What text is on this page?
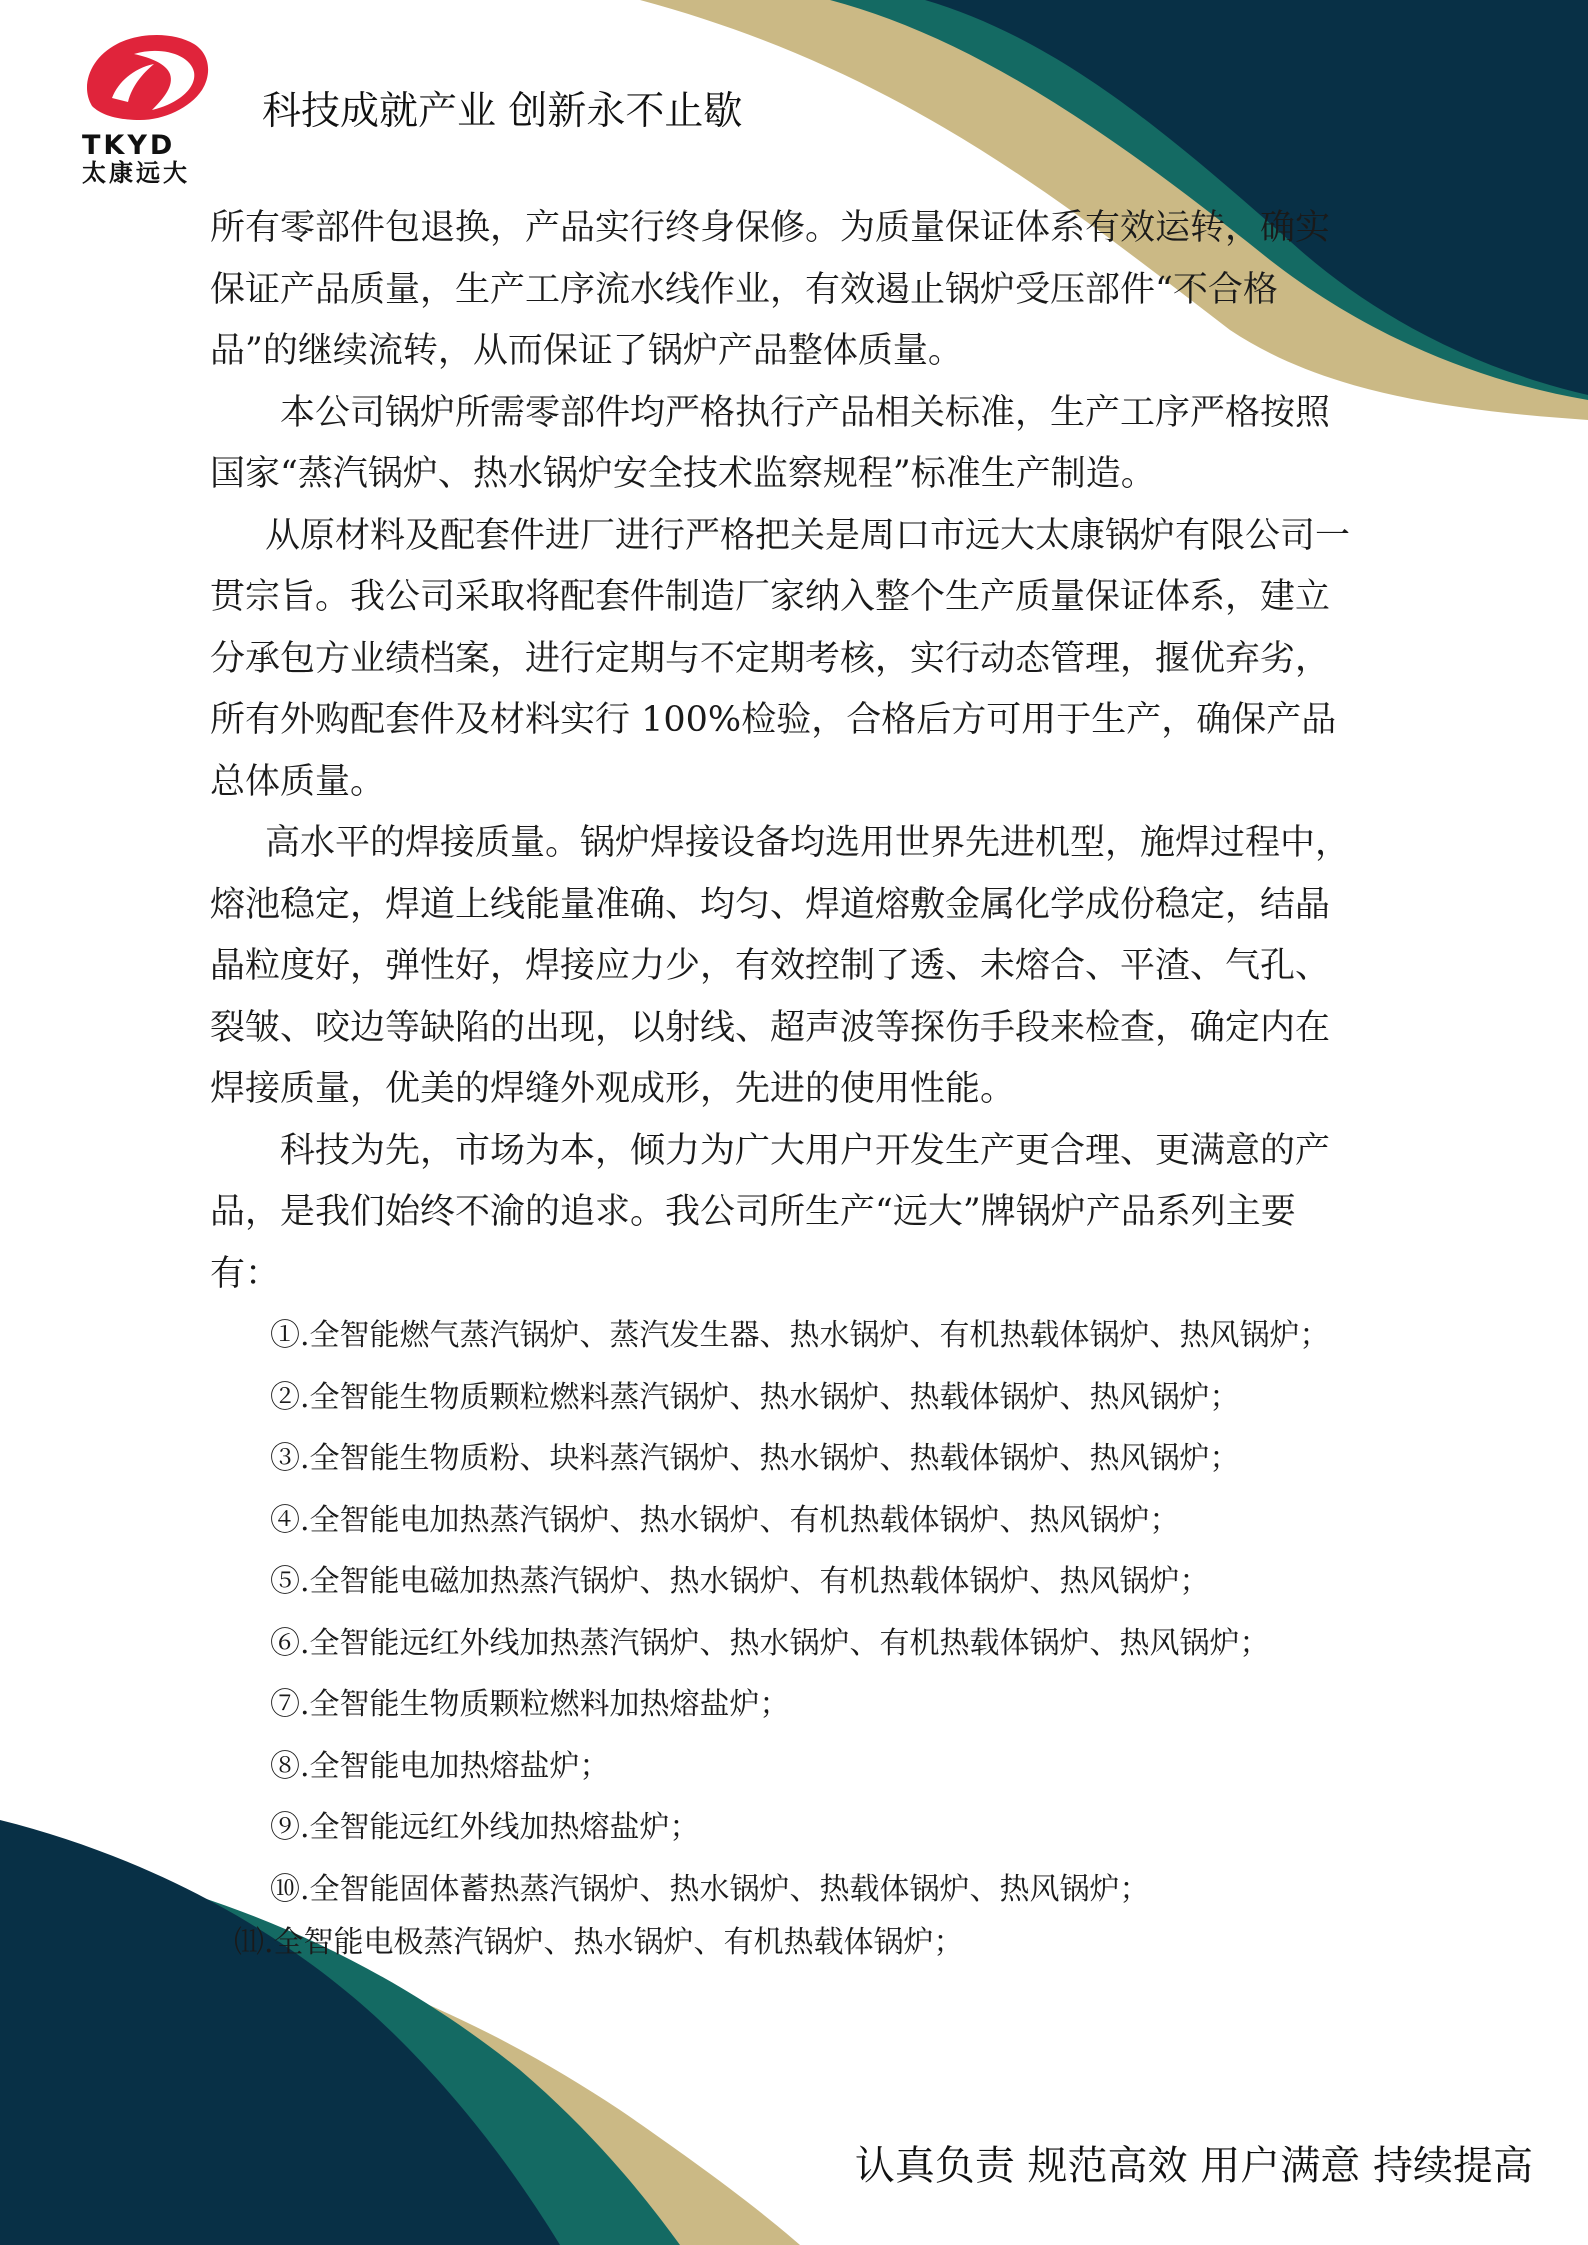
TKYD
太康远大
科技成就产业 创新永不止歇

所有零部件包退换，产品实行终身保修。为质量保证体系有效运转，确实保证产品质量，生产工序流水线作业，有效遏止锅炉受压部件“不合格品”的继续流转，从而保证了锅炉产品整体质量。

本公司锅炉所需零部件均严格执行产品相关标准，生产工序严格按照国家“蒸汽锅炉、热水锅炉安全技术监察规程”标准生产制造。

从原材料及配套件进厂进行严格把关是周口市远大太康锅炉有限公司一贯宗旨。我公司采取将配套件制造厂家纳入整个生产质量保证体系，建立分承包方业绩档案，进行定期与不定期考核，实行动态管理，揠优弃劣，所有外购配套件及材料实行 100%检验，合格后方可用于生产，确保产品总体质量。

高水平的焊接质量。锅炉焊接设备均选用世界先进机型，施焊过程中，熔池稳定，焊道上线能量准确、均匀、焊道熔敷金属化学成份稳定，结晶晶粒度好，弹性好，焊接应力少，有效控制了透、未熔合、平渣、气孔、裂皱、咬边等缺陷的出现，以射线、超声波等探伤手段来检查，确定内在焊接质量，优美的焊缝外观成形，先进的使用性能。

科技为先，市场为本，倾力为广大用户开发生产更合理、更满意的产品，是我们始终不渝的追求。我公司所生产“远大”牌锅炉产品系列主要有：

①.全智能燃气蒸汽锅炉、蒸汽发生器、热水锅炉、有机热载体锅炉、热风锅炉；
②.全智能生物质颗粒燃料蒸汽锅炉、热水锅炉、热载体锅炉、热风锅炉；
③.全智能生物质粉、块料蒸汽锅炉、热水锅炉、热载体锅炉、热风锅炉；
④.全智能电加热蒸汽锅炉、热水锅炉、有机热载体锅炉、热风锅炉；
⑤.全智能电磁加热蒸汽锅炉、热水锅炉、有机热载体锅炉、热风锅炉；
⑥.全智能远红外线加热蒸汽锅炉、热水锅炉、有机热载体锅炉、热风锅炉；
⑦.全智能生物质颗粒燃料加热熔盐炉；
⑧.全智能电加热熔盐炉；
⑨.全智能远红外线加热熔盐炉；
⑩.全智能固体蓄热蒸汽锅炉、热水锅炉、热载体锅炉、热风锅炉；
⑾.全智能电极蒸汽锅炉、热水锅炉、有机热载体锅炉；
认真负责 规范高效 用户满意 持续提高
